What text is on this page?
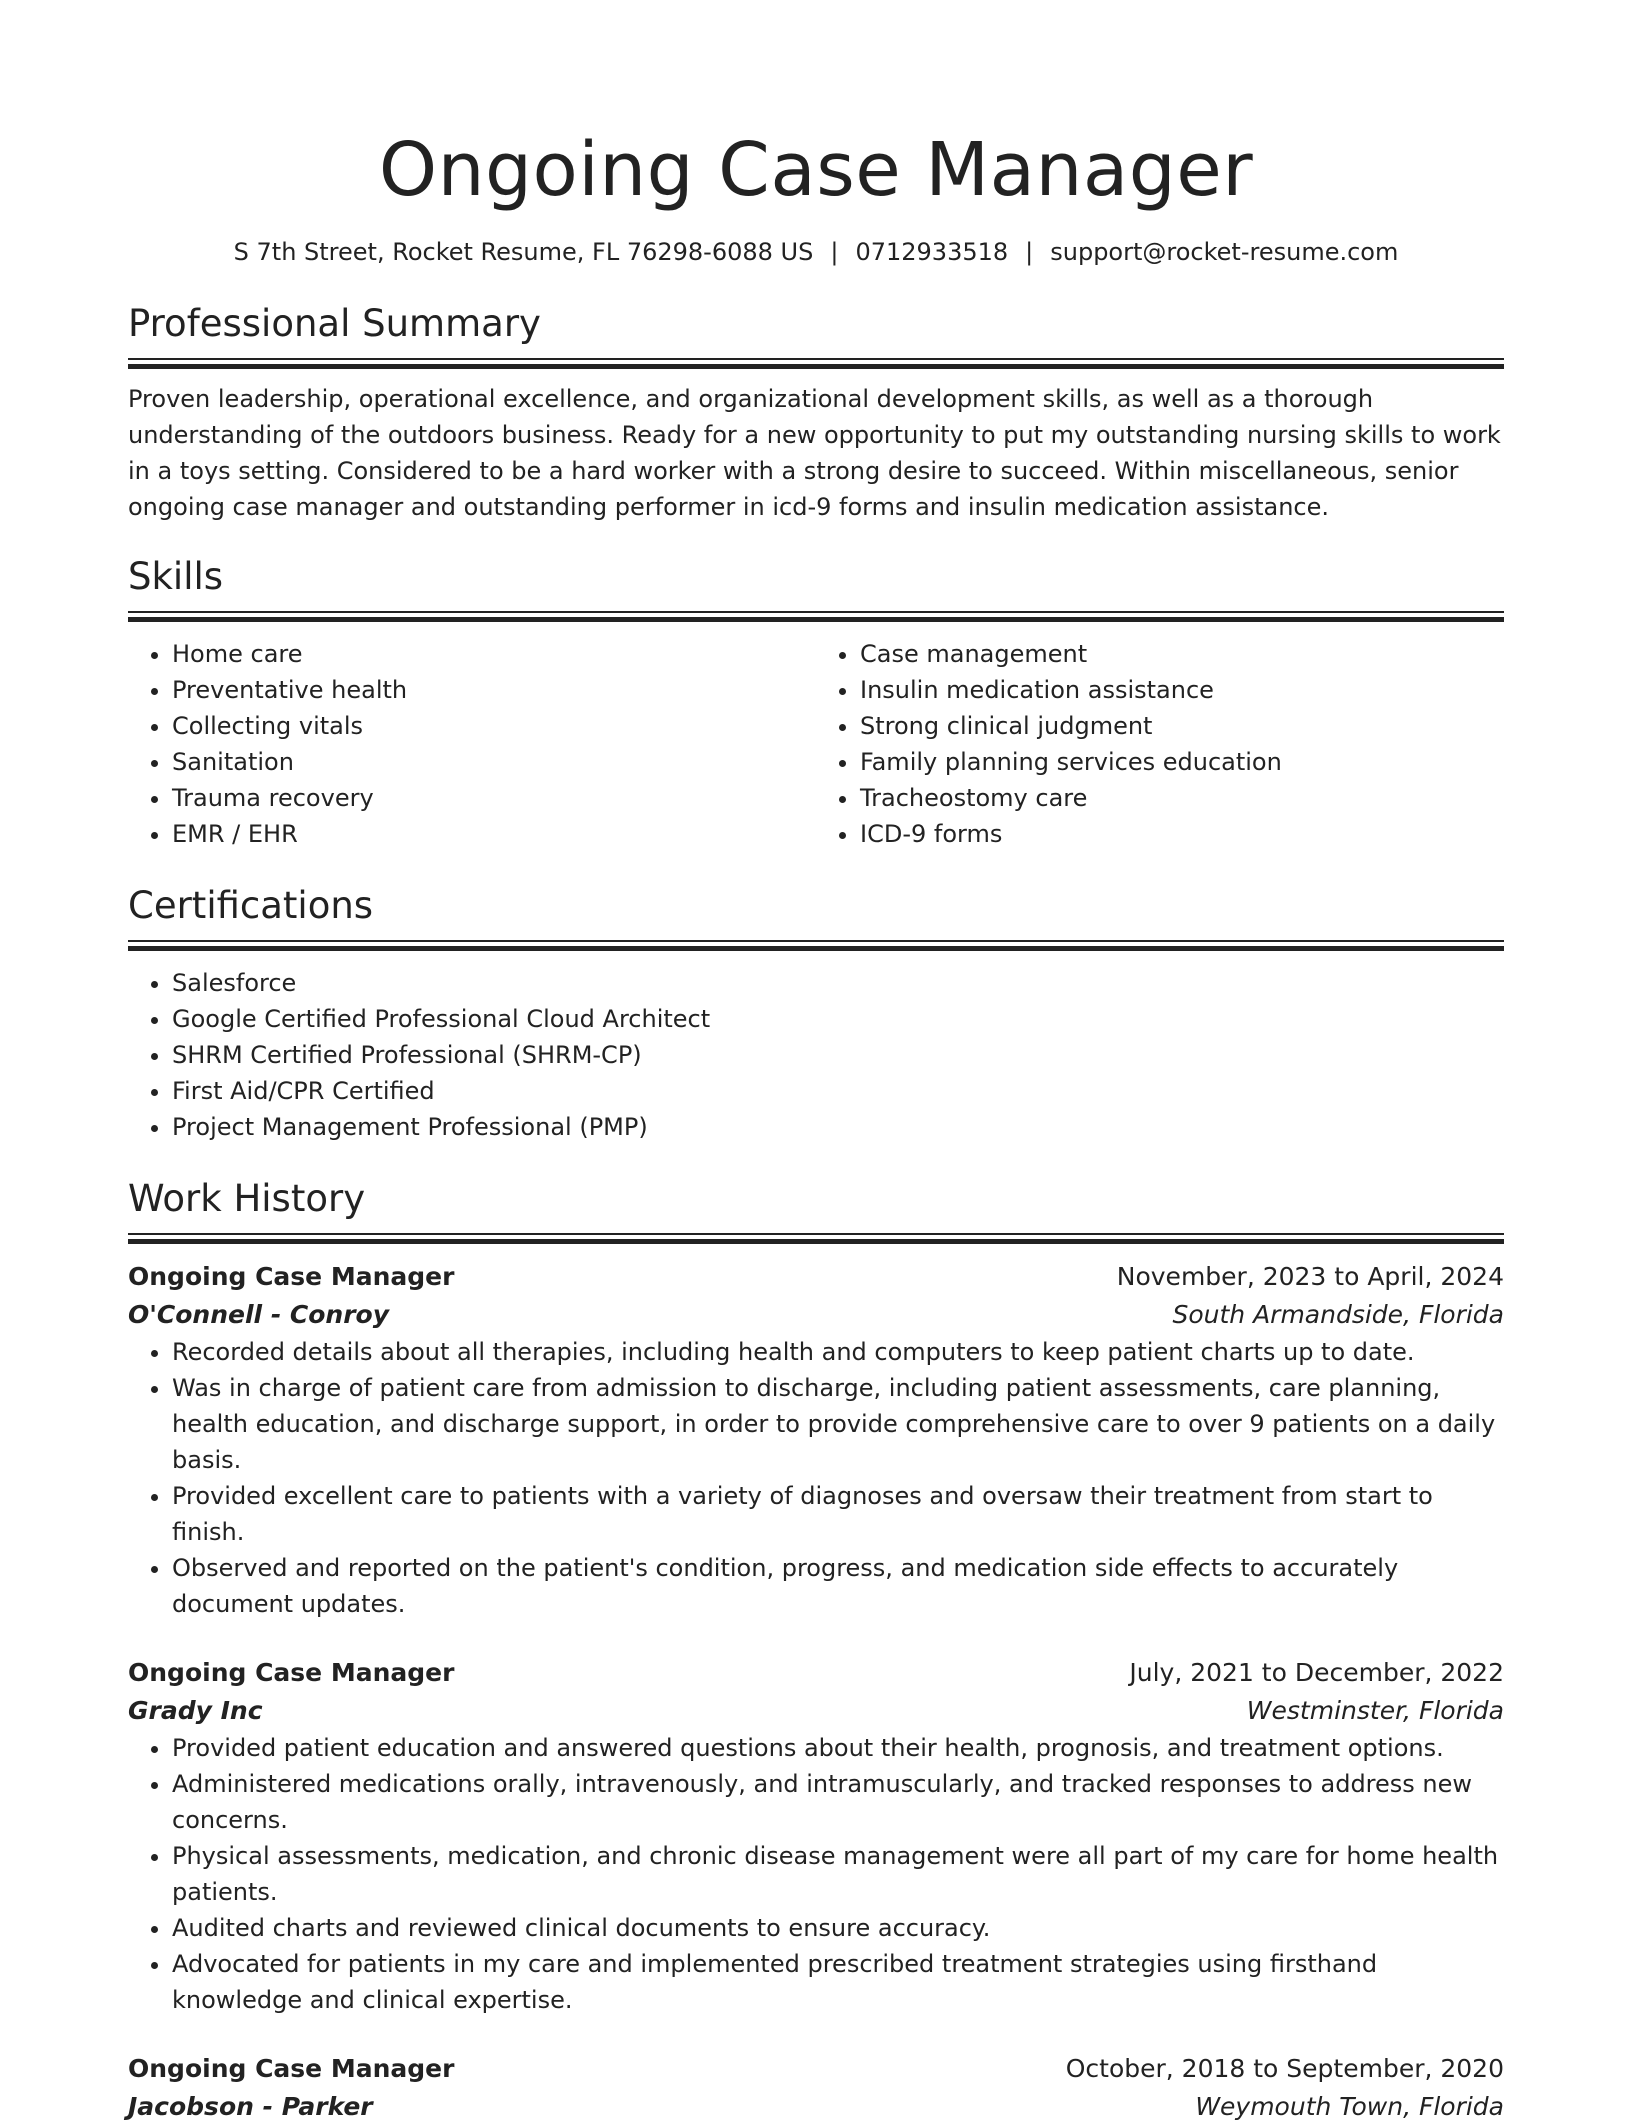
Ongoing Case Manager
S 7th Street, Rocket Resume, FL 76298-6088 US | 0712933518 | support@rocket-resume.com
Professional Summary
Proven leadership, operational excellence, and organizational development skills, as well as a thorough understanding of the outdoors business. Ready for a new opportunity to put my outstanding nursing skills to work in a toys setting. Considered to be a hard worker with a strong desire to succeed. Within miscellaneous, senior ongoing case manager and outstanding performer in icd-9 forms and insulin medication assistance.
Skills
• Home care
• Preventative health
• Collecting vitals
• Sanitation
• Trauma recovery
• EMR / EHR
• Case management
• Insulin medication assistance
• Strong clinical judgment
• Family planning services education
• Tracheostomy care
• ICD-9 forms
Certifications
• Salesforce
• Google Certified Professional Cloud Architect
• SHRM Certified Professional (SHRM-CP)
• First Aid/CPR Certified
• Project Management Professional (PMP)
Work History
Ongoing Case Manager	November, 2023 to April, 2024
O'Connell - Conroy	South Armandside, Florida
• Recorded details about all therapies, including health and computers to keep patient charts up to date.
• Was in charge of patient care from admission to discharge, including patient assessments, care planning, health education, and discharge support, in order to provide comprehensive care to over 9 patients on a daily basis.
• Provided excellent care to patients with a variety of diagnoses and oversaw their treatment from start to finish.
• Observed and reported on the patient's condition, progress, and medication side effects to accurately document updates.
Ongoing Case Manager	July, 2021 to December, 2022
Grady Inc	Westminster, Florida
• Provided patient education and answered questions about their health, prognosis, and treatment options.
• Administered medications orally, intravenously, and intramuscularly, and tracked responses to address new concerns.
• Physical assessments, medication, and chronic disease management were all part of my care for home health patients.
• Audited charts and reviewed clinical documents to ensure accuracy.
• Advocated for patients in my care and implemented prescribed treatment strategies using firsthand knowledge and clinical expertise.
Ongoing Case Manager	October, 2018 to September, 2020
Jacobson - Parker	Weymouth Town, Florida
